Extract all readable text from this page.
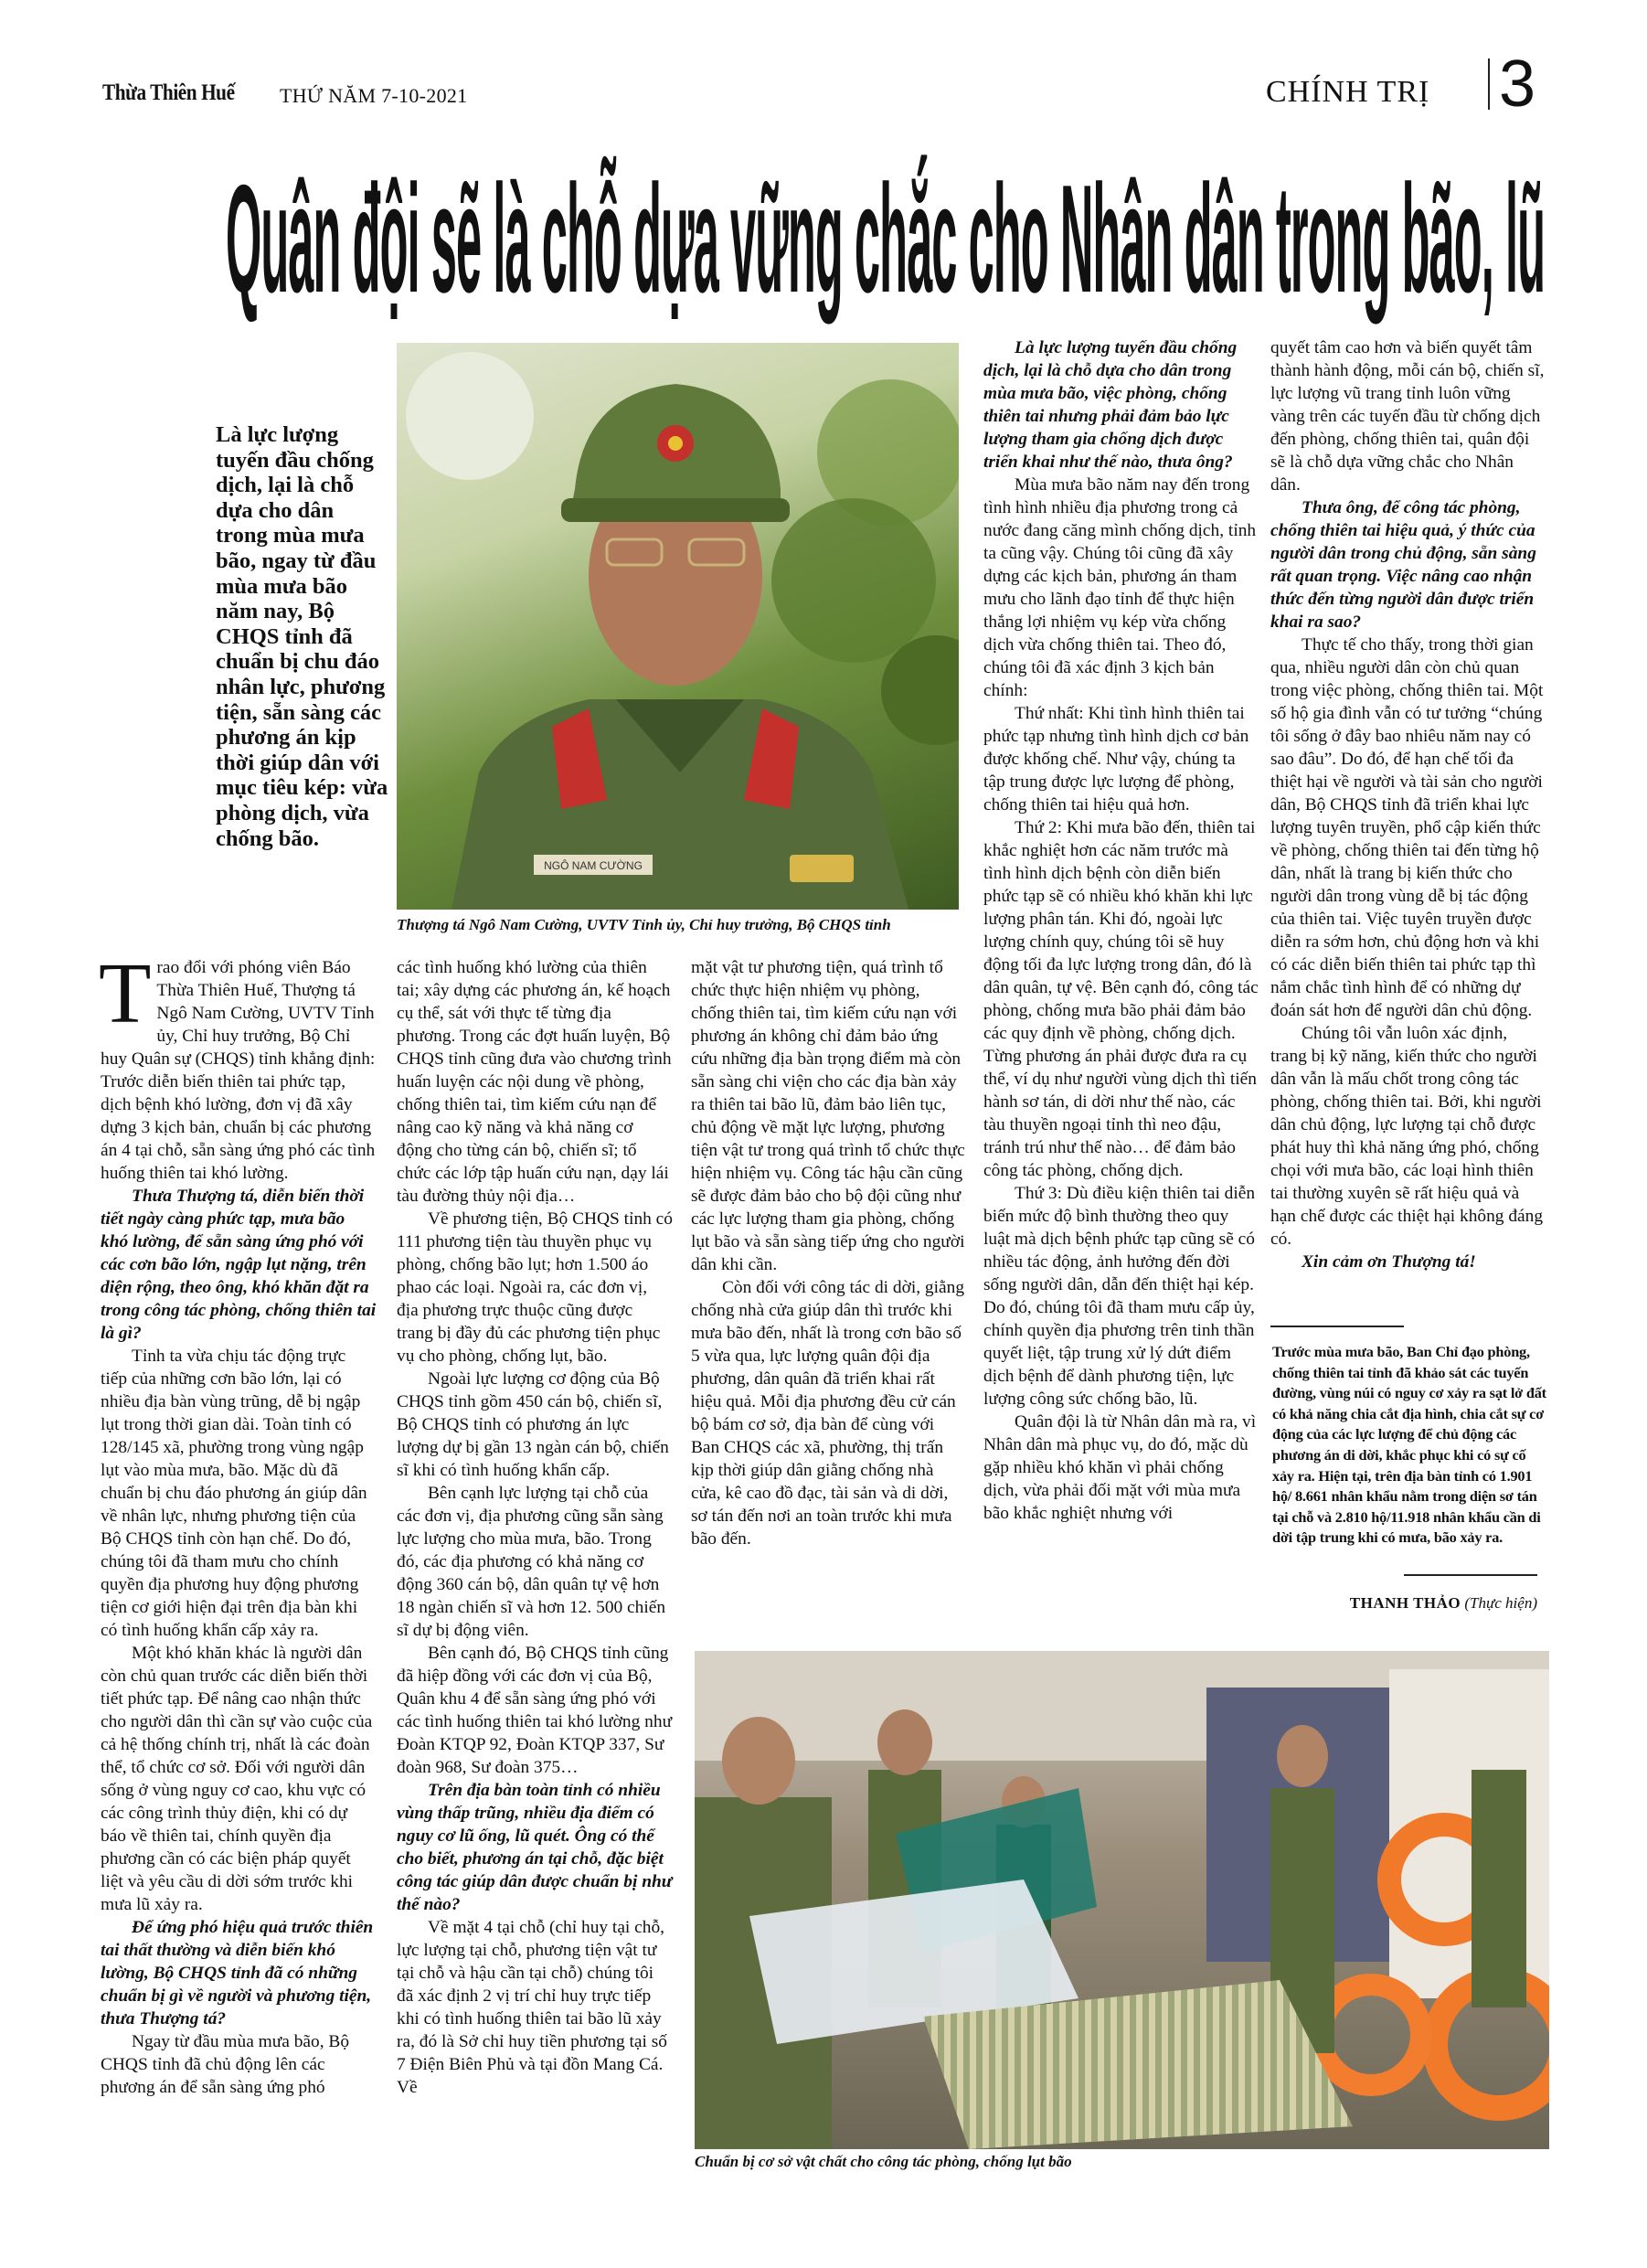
Thừa Thiên Huế THỨ NĂM 7-10-2021	CHÍNH TRỊ 3
Quân đội sẽ là chỗ dựa vững chắc cho Nhân dân trong bão, lũ
Là lực lượng tuyến đầu chống dịch, lại là chỗ dựa cho dân trong mùa mưa bão, ngay từ đầu mùa mưa bão năm nay, Bộ CHQS tỉnh đã chuẩn bị chu đáo nhân lực, phương tiện, sẵn sàng các phương án kịp thời giúp dân với mục tiêu kép: vừa phòng dịch, vừa chống bão.
NGÔ NAM CƯỜNG
Thượng tá Ngô Nam Cường, UVTV Tỉnh ủy, Chỉ huy trưởng, Bộ CHQS tỉnh

Trao đổi với phóng viên Báo Thừa Thiên Huế, Thượng tá Ngô Nam Cường, UVTV Tỉnh ủy, Chỉ huy trưởng, Bộ Chỉ huy Quân sự (CHQS) tỉnh khẳng định: Trước diễn biến thiên tai phức tạp, dịch bệnh khó lường, đơn vị đã xây dựng 3 kịch bản, chuẩn bị các phương án 4 tại chỗ, sẵn sàng ứng phó các tình huống thiên tai khó lường.

Thưa Thượng tá, diễn biến thời tiết ngày càng phức tạp, mưa bão khó lường, để sẵn sàng ứng phó với các cơn bão lớn, ngập lụt nặng, trên diện rộng, theo ông, khó khăn đặt ra trong công tác phòng, chống thiên tai là gì?

Tỉnh ta vừa chịu tác động trực tiếp của những cơn bão lớn, lại có nhiều địa bàn vùng trũng, dễ bị ngập lụt trong thời gian dài. Toàn tỉnh có 128/145 xã, phường trong vùng ngập lụt vào mùa mưa, bão. Mặc dù đã chuẩn bị chu đáo phương án giúp dân về nhân lực, nhưng phương tiện của Bộ CHQS tỉnh còn hạn chế. Do đó, chúng tôi đã tham mưu cho chính quyền địa phương huy động phương tiện cơ giới hiện đại trên địa bàn khi có tình huống khẩn cấp xảy ra.

Một khó khăn khác là người dân còn chủ quan trước các diễn biến thời tiết phức tạp. Để nâng cao nhận thức cho người dân thì cần sự vào cuộc của cả hệ thống chính trị, nhất là các đoàn thể, tổ chức cơ sở. Đối với người dân sống ở vùng nguy cơ cao, khu vực có các công trình thủy điện, khi có dự báo về thiên tai, chính quyền địa phương cần có các biện pháp quyết liệt và yêu cầu di dời sớm trước khi mưa lũ xảy ra.

Để ứng phó hiệu quả trước thiên tai thất thường và diễn biến khó lường, Bộ CHQS tỉnh đã có những chuẩn bị gì về người và phương tiện, thưa Thượng tá?

Ngay từ đầu mùa mưa bão, Bộ CHQS tỉnh đã chủ động lên các phương án để sẵn sàng ứng phó

các tình huống khó lường của thiên tai; xây dựng các phương án, kế hoạch cụ thể, sát với thực tế từng địa phương. Trong các đợt huấn luyện, Bộ CHQS tỉnh cũng đưa vào chương trình huấn luyện các nội dung về phòng, chống thiên tai, tìm kiếm cứu nạn để nâng cao kỹ năng và khả năng cơ động cho từng cán bộ, chiến sĩ; tổ chức các lớp tập huấn cứu nạn, dạy lái tàu đường thủy nội địa…

Về phương tiện, Bộ CHQS tỉnh có 111 phương tiện tàu thuyền phục vụ phòng, chống bão lụt; hơn 1.500 áo phao các loại. Ngoài ra, các đơn vị, địa phương trực thuộc cũng được trang bị đầy đủ các phương tiện phục vụ cho phòng, chống lụt, bão.

Ngoài lực lượng cơ động của Bộ CHQS tỉnh gồm 450 cán bộ, chiến sĩ, Bộ CHQS tỉnh có phương án lực lượng dự bị gần 13 ngàn cán bộ, chiến sĩ khi có tình huống khẩn cấp.

Bên cạnh lực lượng tại chỗ của các đơn vị, địa phương cũng sẵn sàng lực lượng cho mùa mưa, bão. Trong đó, các địa phương có khả năng cơ động 360 cán bộ, dân quân tự vệ hơn 18 ngàn chiến sĩ và hơn 12. 500 chiến sĩ dự bị động viên.

Bên cạnh đó, Bộ CHQS tỉnh cũng đã hiệp đồng với các đơn vị của Bộ, Quân khu 4 để sẵn sàng ứng phó với các tình huống thiên tai khó lường như Đoàn KTQP 92, Đoàn KTQP 337, Sư đoàn 968, Sư đoàn 375…

Trên địa bàn toàn tỉnh có nhiều vùng thấp trũng, nhiều địa điểm có nguy cơ lũ ống, lũ quét. Ông có thể cho biết, phương án tại chỗ, đặc biệt công tác giúp dân được chuẩn bị như thế nào?

Về mặt 4 tại chỗ (chỉ huy tại chỗ, lực lượng tại chỗ, phương tiện vật tư tại chỗ và hậu cần tại chỗ) chúng tôi đã xác định 2 vị trí chỉ huy trực tiếp khi có tình huống thiên tai bão lũ xảy ra, đó là Sở chỉ huy tiền phương tại số 7 Điện Biên Phủ và tại đồn Mang Cá. Về

mặt vật tư phương tiện, quá trình tổ chức thực hiện nhiệm vụ phòng, chống thiên tai, tìm kiếm cứu nạn với phương án không chỉ đảm bảo ứng cứu những địa bàn trọng điểm mà còn sẵn sàng chi viện cho các địa bàn xảy ra thiên tai bão lũ, đảm bảo liên tục, chủ động về mặt lực lượng, phương tiện vật tư trong quá trình tổ chức thực hiện nhiệm vụ. Công tác hậu cần cũng sẽ được đảm bảo cho bộ đội cũng như các lực lượng tham gia phòng, chống lụt bão và sẵn sàng tiếp ứng cho người dân khi cần.

Còn đối với công tác di dời, giằng chống nhà cửa giúp dân thì trước khi mưa bão đến, nhất là trong cơn bão số 5 vừa qua, lực lượng quân đội địa phương, dân quân đã triển khai rất hiệu quả. Mỗi địa phương đều cử cán bộ bám cơ sở, địa bàn để cùng với Ban CHQS các xã, phường, thị trấn kịp thời giúp dân giằng chống nhà cửa, kê cao đồ đạc, tài sản và di dời, sơ tán đến nơi an toàn trước khi mưa bão đến.

Là lực lượng tuyến đầu chống dịch, lại là chỗ dựa cho dân trong mùa mưa bão, việc phòng, chống thiên tai nhưng phải đảm bảo lực lượng tham gia chống dịch được triển khai như thế nào, thưa ông?

Mùa mưa bão năm nay đến trong tình hình nhiều địa phương trong cả nước đang căng mình chống dịch, tỉnh ta cũng vậy. Chúng tôi cũng đã xây dựng các kịch bản, phương án tham mưu cho lãnh đạo tỉnh để thực hiện thắng lợi nhiệm vụ kép vừa chống dịch vừa chống thiên tai. Theo đó, chúng tôi đã xác định 3 kịch bản chính:

Thứ nhất: Khi tình hình thiên tai phức tạp nhưng tình hình dịch cơ bản được khống chế. Như vậy, chúng ta tập trung được lực lượng để phòng, chống thiên tai hiệu quả hơn.

Thứ 2: Khi mưa bão đến, thiên tai khắc nghiệt hơn các năm trước mà tình hình dịch bệnh còn diễn biến phức tạp sẽ có nhiều khó khăn khi lực lượng phân tán. Khi đó, ngoài lực lượng chính quy, chúng tôi sẽ huy động tối đa lực lượng trong dân, đó là dân quân, tự vệ. Bên cạnh đó, công tác phòng, chống mưa bão phải đảm bảo các quy định về phòng, chống dịch. Từng phương án phải được đưa ra cụ thể, ví dụ như người vùng dịch thì tiến hành sơ tán, di dời như thế nào, các tàu thuyền ngoại tỉnh thì neo đậu, tránh trú như thế nào… để đảm bảo công tác phòng, chống dịch.

Thứ 3: Dù điều kiện thiên tai diễn biến mức độ bình thường theo quy luật mà dịch bệnh phức tạp cũng sẽ có nhiều tác động, ảnh hưởng đến đời sống người dân, dẫn đến thiệt hại kép. Do đó, chúng tôi đã tham mưu cấp ủy, chính quyền địa phương trên tinh thần quyết liệt, tập trung xử lý dứt điểm dịch bệnh để dành phương tiện, lực lượng công sức chống bão, lũ.

Quân đội là từ Nhân dân mà ra, vì Nhân dân mà phục vụ, do đó, mặc dù gặp nhiều khó khăn vì phải chống dịch, vừa phải đối mặt với mùa mưa bão khắc nghiệt nhưng với

quyết tâm cao hơn và biến quyết tâm thành hành động, mỗi cán bộ, chiến sĩ, lực lượng vũ trang tỉnh luôn vững vàng trên các tuyến đầu từ chống dịch đến phòng, chống thiên tai, quân đội sẽ là chỗ dựa vững chắc cho Nhân dân.

Thưa ông, để công tác phòng, chống thiên tai hiệu quả, ý thức của người dân trong chủ động, sẵn sàng rất quan trọng. Việc nâng cao nhận thức đến từng người dân được triển khai ra sao?

Thực tế cho thấy, trong thời gian qua, nhiều người dân còn chủ quan trong việc phòng, chống thiên tai. Một số hộ gia đình vẫn có tư tưởng “chúng tôi sống ở đây bao nhiêu năm nay có sao đâu”. Do đó, để hạn chế tối đa thiệt hại về người và tài sản cho người dân, Bộ CHQS tỉnh đã triển khai lực lượng tuyên truyền, phổ cập kiến thức về phòng, chống thiên tai đến từng hộ dân, nhất là trang bị kiến thức cho người dân trong vùng dễ bị tác động của thiên tai. Việc tuyên truyền được diễn ra sớm hơn, chủ động hơn và khi có các diễn biến thiên tai phức tạp thì nắm chắc tình hình để có những dự đoán sát hơn để người dân chủ động.

Chúng tôi vẫn luôn xác định, trang bị kỹ năng, kiến thức cho người dân vẫn là mấu chốt trong công tác phòng, chống thiên tai. Bởi, khi người dân chủ động, lực lượng tại chỗ được phát huy thì khả năng ứng phó, chống chọi với mưa bão, các loại hình thiên tai thường xuyên sẽ rất hiệu quả và hạn chế được các thiệt hại không đáng có.

Xin cảm ơn Thượng tá!

Trước mùa mưa bão, Ban Chỉ đạo phòng, chống thiên tai tỉnh đã khảo sát các tuyến đường, vùng núi có nguy cơ xảy ra sạt lở đất có khả năng chia cắt địa hình, chia cắt sự cơ động của các lực lượng để chủ động các phương án di dời, khắc phục khi có sự cố xảy ra. Hiện tại, trên địa bàn tỉnh có 1.901 hộ/ 8.661 nhân khẩu nằm trong diện sơ tán tại chỗ và 2.810 hộ/11.918 nhân khẩu cần di dời tập trung khi có mưa, bão xảy ra.
THANH THẢO (Thực hiện)
Chuẩn bị cơ sở vật chất cho công tác phòng, chống lụt bão
